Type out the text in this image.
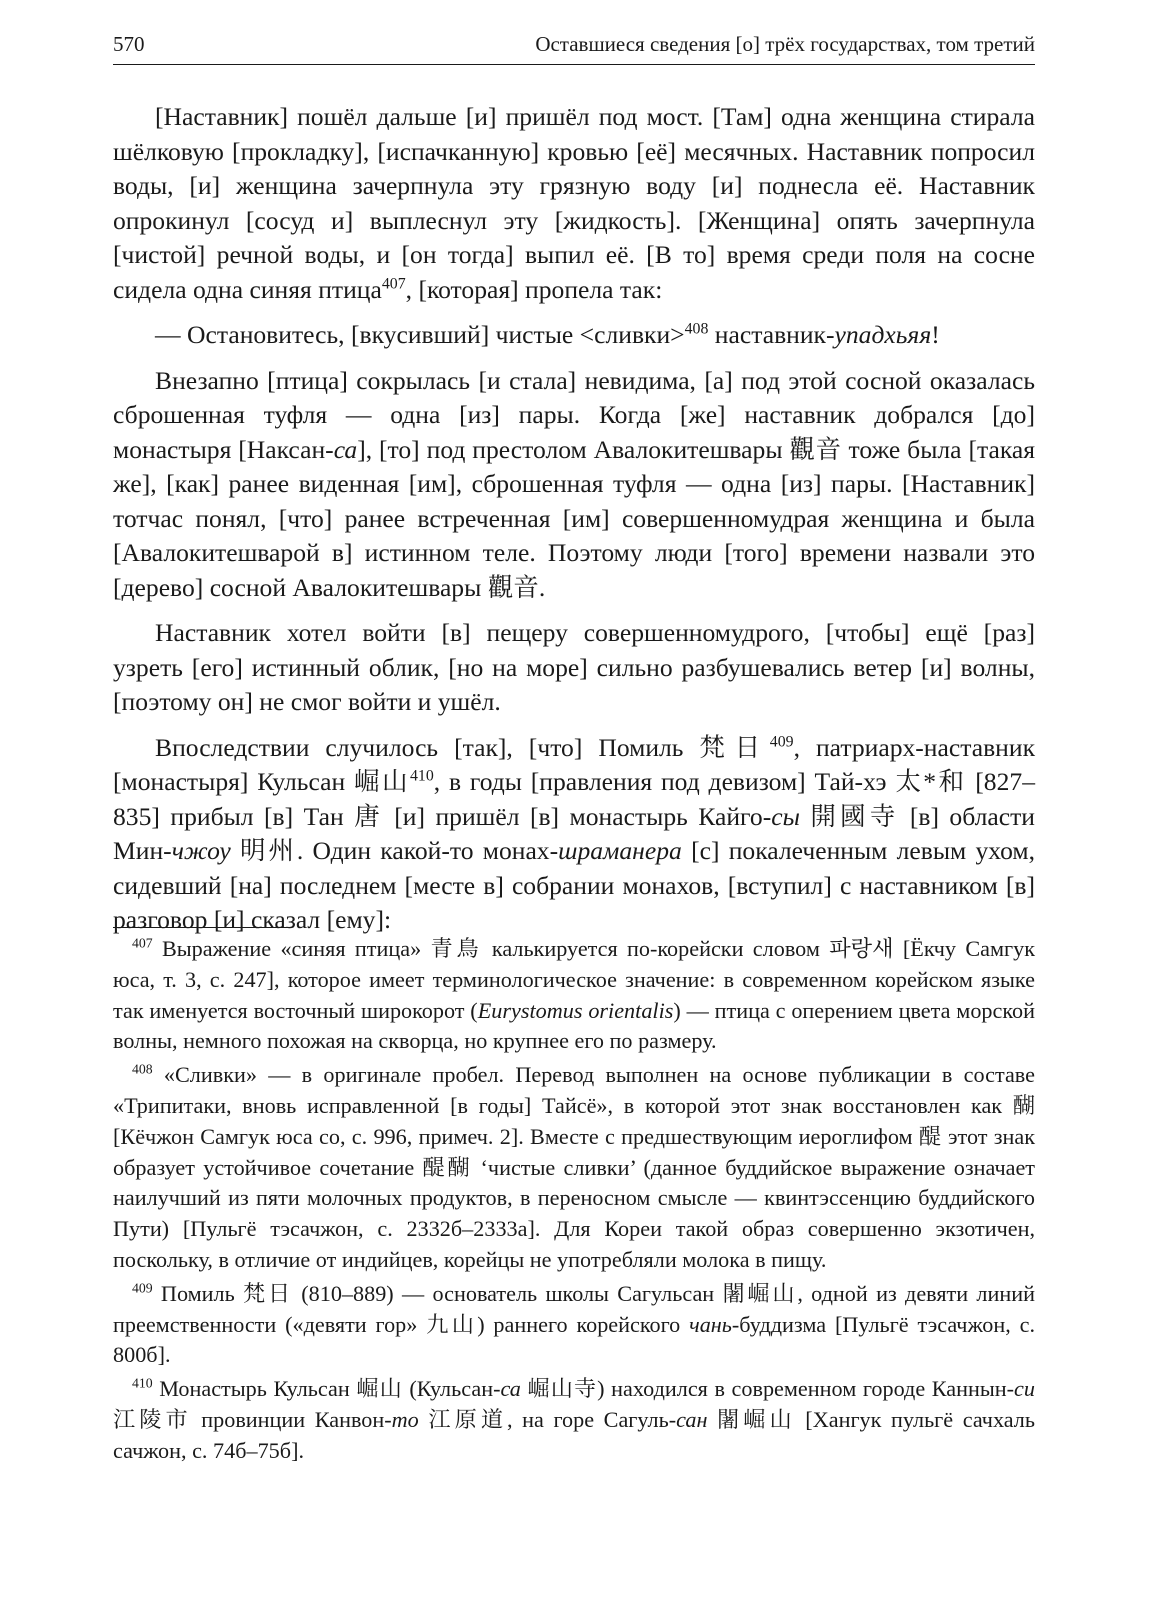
570	Оставшиеся сведения [о] трёх государствах, том третий

[Наставник] пошёл дальше [и] пришёл под мост. [Там] одна женщина стирала шёлковую [прокладку], [испачканную] кровью [её] месячных. Наставник попросил воды, [и] женщина зачерпнула эту грязную воду [и] поднесла её. Наставник опрокинул [сосуд и] выплеснул эту [жидкость]. [Женщина] опять зачерпнула [чистой] речной воды, и [он тогда] выпил её. [В то] время среди поля на сосне сидела одна синяя птица$^{407}$, [которая] пропела так:

— Остановитесь, [вкусивший] чистые <сливки>$^{408}$ наставник-упадхьяя!

Внезапно [птица] сокрылась [и стала] невидима, [а] под этой сосной оказалась сброшенная туфля — одна [из] пары. Когда [же] наставник добрался [до] монастыря [Наксан-са], [то] под престолом Авалокитешвары 觀音 тоже была [такая же], [как] ранее виденная [им], сброшенная туфля — одна [из] пары. [Наставник] тотчас понял, [что] ранее встреченная [им] совершенномудрая женщина и была [Авалокитешварой в] истинном теле. Поэтому люди [того] времени назвали это [дерево] сосной Авалокитешвары 觀音.

Наставник хотел войти [в] пещеру совершенномудрого, [чтобы] ещё [раз] узреть [его] истинный облик, [но на море] сильно разбушевались ветер [и] волны, [поэтому он] не смог войти и ушёл.

Впоследствии случилось [так], [что] Помиль 梵日$^{409}$, патриарх-наставник [монастыря] Кульсан 崛山$^{410}$, в годы [правления под девизом] Тай-хэ 太*和 [827–835] прибыл [в] Тан 唐 [и] пришёл [в] монастырь Кайго-сы 開國寺 [в] области Мин-чжоу 明州. Один какой-то монах-шраманера [с] покалеченным левым ухом, сидевший [на] последнем [месте в] собрании монахов, [вступил] с наставником [в] разговор [и] сказал [ему]:

$^{407}$ Выражение «синяя птица» 青鳥 калькируется по-корейски словом 파랑새 [Ёкчу Самгук юса, т. 3, с. 247], которое имеет терминологическое значение: в современном корейском языке так именуется восточный широкорот (Eurystomus orientalis) — птица с оперением цвета морской волны, немного похожая на скворца, но крупнее его по размеру.

$^{408}$ «Сливки» — в оригинале пробел. Перевод выполнен на основе публикации в составе «Трипитаки, вновь исправленной [в годы] Тайсё», в которой этот знак восстановлен как 醐 [Кёчжон Самгук юса со, с. 996, примеч. 2]. Вместе с предшествующим иероглифом 醍 этот знак образует устойчивое сочетание 醍醐 ‘чистые сливки’ (данное буддийское выражение означает наилучший из пяти молочных продуктов, в переносном смысле — квинтэссенцию буддийского Пути) [Пульгё тэсачжон, с. 2332б–2333а]. Для Кореи такой образ совершенно экзотичен, поскольку, в отличие от индийцев, корейцы не употребляли молока в пищу.

$^{409}$ Помиль 梵日 (810–889) — основатель школы Сагульсан 闍崛山, одной из девяти линий преемственности («девяти гор» 九山) раннего корейского чань-буддизма [Пульгё тэсачжон, с. 800б].

$^{410}$ Монастырь Кульсан 崛山 (Кульсан-са 崛山寺) находился в современном городе Каннын-си 江陵市 провинции Канвон-то 江原道, на горе Сагуль-сан 闍崛山 [Хангук пульгё сачхаль сачжон, с. 74б–75б].
